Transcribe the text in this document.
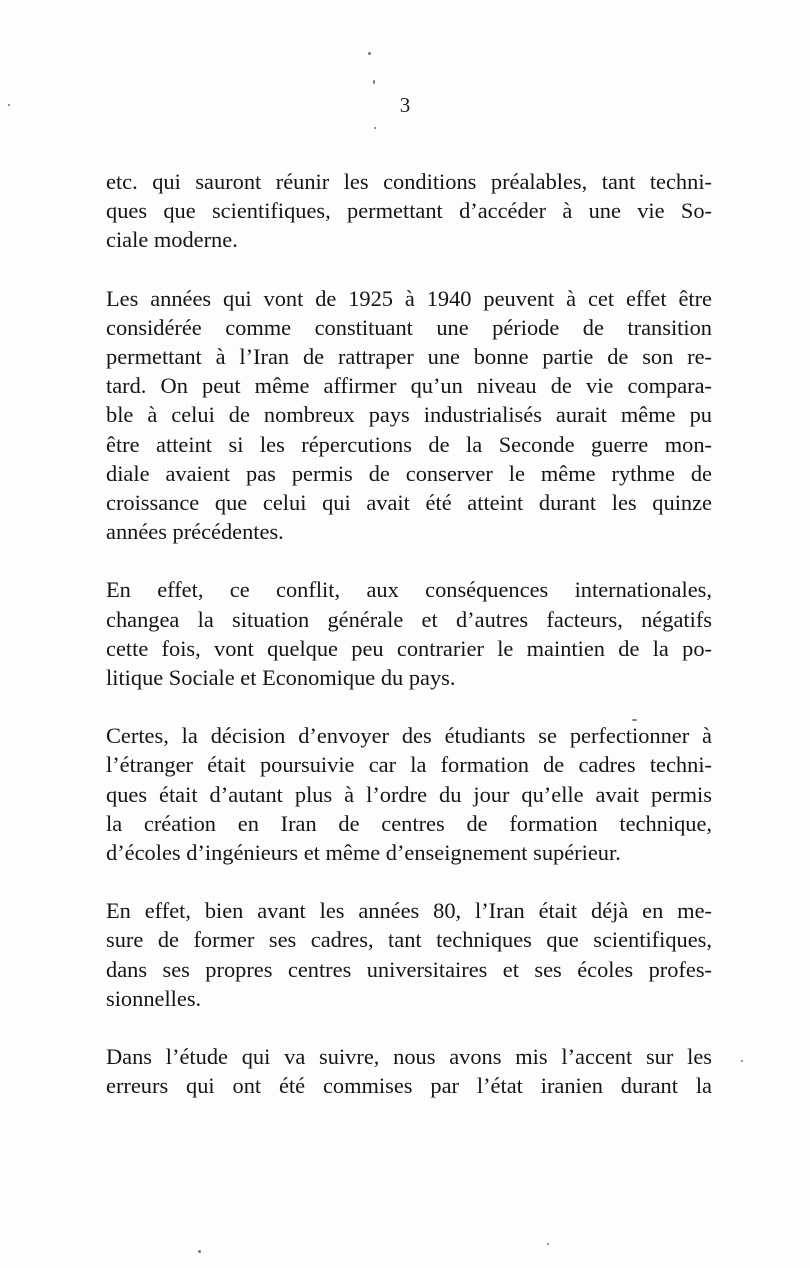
3
etc. qui sauront réunir les conditions préalables, tant techni-
ques que scientifiques, permettant d’accéder à une vie So-
ciale moderne.
Les années qui vont de 1925 à 1940 peuvent à cet effet être
considérée comme constituant une période de transition
permettant à l’Iran de rattraper une bonne partie de son re-
tard. On peut même affirmer qu’un niveau de vie compara-
ble à celui de nombreux pays industrialisés aurait même pu
être atteint si les répercutions de la Seconde guerre mon-
diale avaient pas permis de conserver le même rythme de
croissance que celui qui avait été atteint durant les quinze
années précédentes.
En effet, ce conflit, aux conséquences internationales,
changea la situation générale et d’autres facteurs, négatifs
cette fois, vont quelque peu contrarier le maintien de la po-
litique Sociale et Economique du pays.
Certes, la décision d’envoyer des étudiants se perfectionner à
l’étranger était poursuivie car la formation de cadres techni-
ques était d’autant plus à l’ordre du jour qu’elle avait permis
la création en Iran de centres de formation technique,
d’écoles d’ingénieurs et même d’enseignement supérieur.
En effet, bien avant les années 80, l’Iran était déjà en me-
sure de former ses cadres, tant techniques que scientifiques,
dans ses propres centres universitaires et ses écoles profes-
sionnelles.
Dans l’étude qui va suivre, nous avons mis l’accent sur les
erreurs qui ont été commises par l’état iranien durant la
